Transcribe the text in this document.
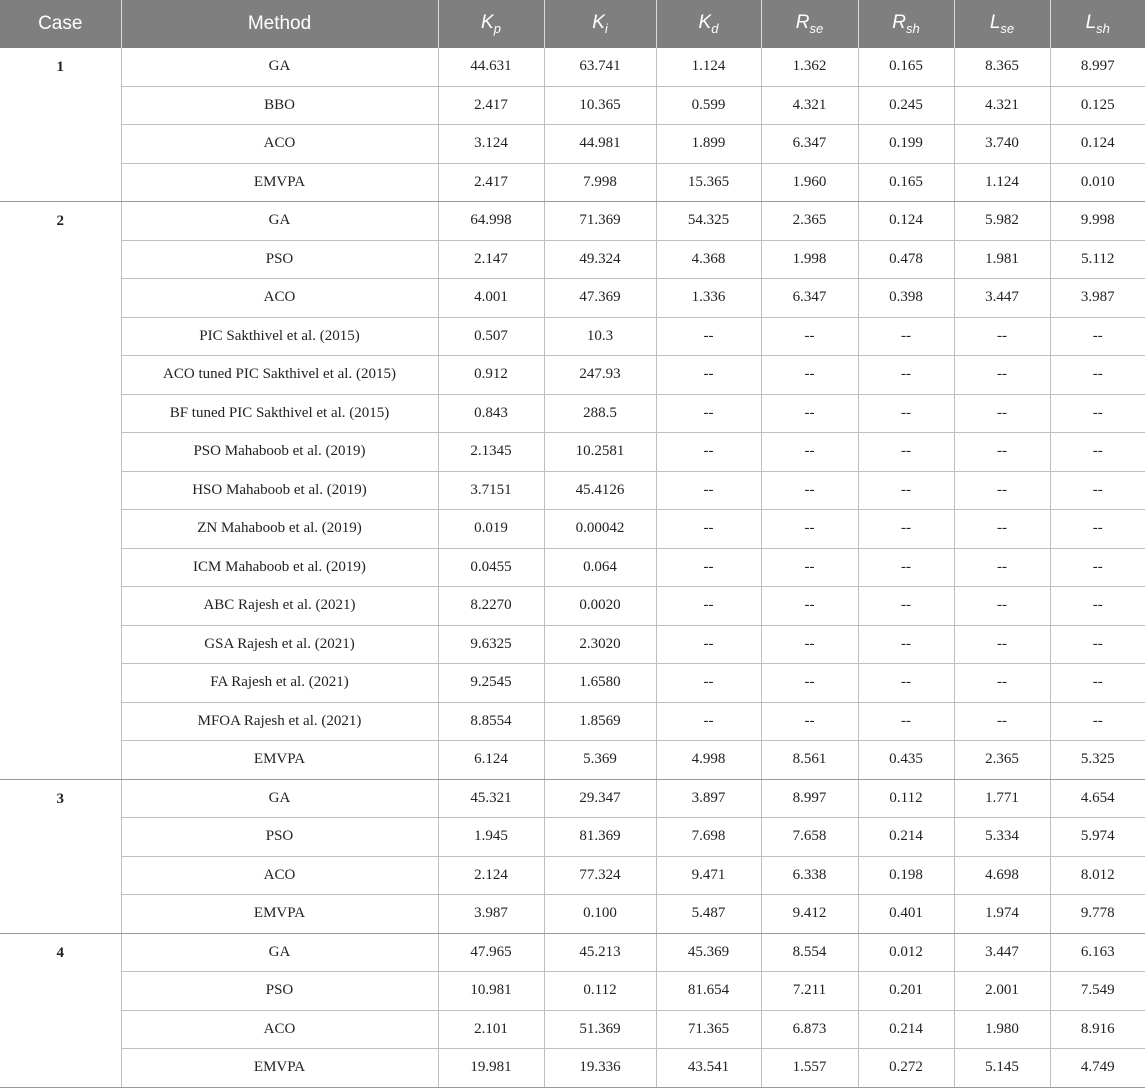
Case	Method	$K_p$	$K_i$	$K_d$	$R_{se}$	$R_{sh}$	$L_{se}$	$L_{sh}$
1	GA	44.631	63.741	1.124	1.362	0.165	8.365	8.997
	BBO	2.417	10.365	0.599	4.321	0.245	4.321	0.125
	ACO	3.124	44.981	1.899	6.347	0.199	3.740	0.124
	EMVPA	2.417	7.998	15.365	1.960	0.165	1.124	0.010
2	GA	64.998	71.369	54.325	2.365	0.124	5.982	9.998
	PSO	2.147	49.324	4.368	1.998	0.478	1.981	5.112
	ACO	4.001	47.369	1.336	6.347	0.398	3.447	3.987
	PIC Sakthivel et al. (2015)	0.507	10.3	--	--	--	--	--
	ACO tuned PIC Sakthivel et al. (2015)	0.912	247.93	--	--	--	--	--
	BF tuned PIC Sakthivel et al. (2015)	0.843	288.5	--	--	--	--	--
	PSO Mahaboob et al. (2019)	2.1345	10.2581	--	--	--	--	--
	HSO Mahaboob et al. (2019)	3.7151	45.4126	--	--	--	--	--
	ZN Mahaboob et al. (2019)	0.019	0.00042	--	--	--	--	--
	ICM Mahaboob et al. (2019)	0.0455	0.064	--	--	--	--	--
	ABC Rajesh et al. (2021)	8.2270	0.0020	--	--	--	--	--
	GSA Rajesh et al. (2021)	9.6325	2.3020	--	--	--	--	--
	FA Rajesh et al. (2021)	9.2545	1.6580	--	--	--	--	--
	MFOA Rajesh et al. (2021)	8.8554	1.8569	--	--	--	--	--
	EMVPA	6.124	5.369	4.998	8.561	0.435	2.365	5.325
3	GA	45.321	29.347	3.897	8.997	0.112	1.771	4.654
	PSO	1.945	81.369	7.698	7.658	0.214	5.334	5.974
	ACO	2.124	77.324	9.471	6.338	0.198	4.698	8.012
	EMVPA	3.987	0.100	5.487	9.412	0.401	1.974	9.778
4	GA	47.965	45.213	45.369	8.554	0.012	3.447	6.163
	PSO	10.981	0.112	81.654	7.211	0.201	2.001	7.549
	ACO	2.101	51.369	71.365	6.873	0.214	1.980	8.916
	EMVPA	19.981	19.336	43.541	1.557	0.272	5.145	4.749
